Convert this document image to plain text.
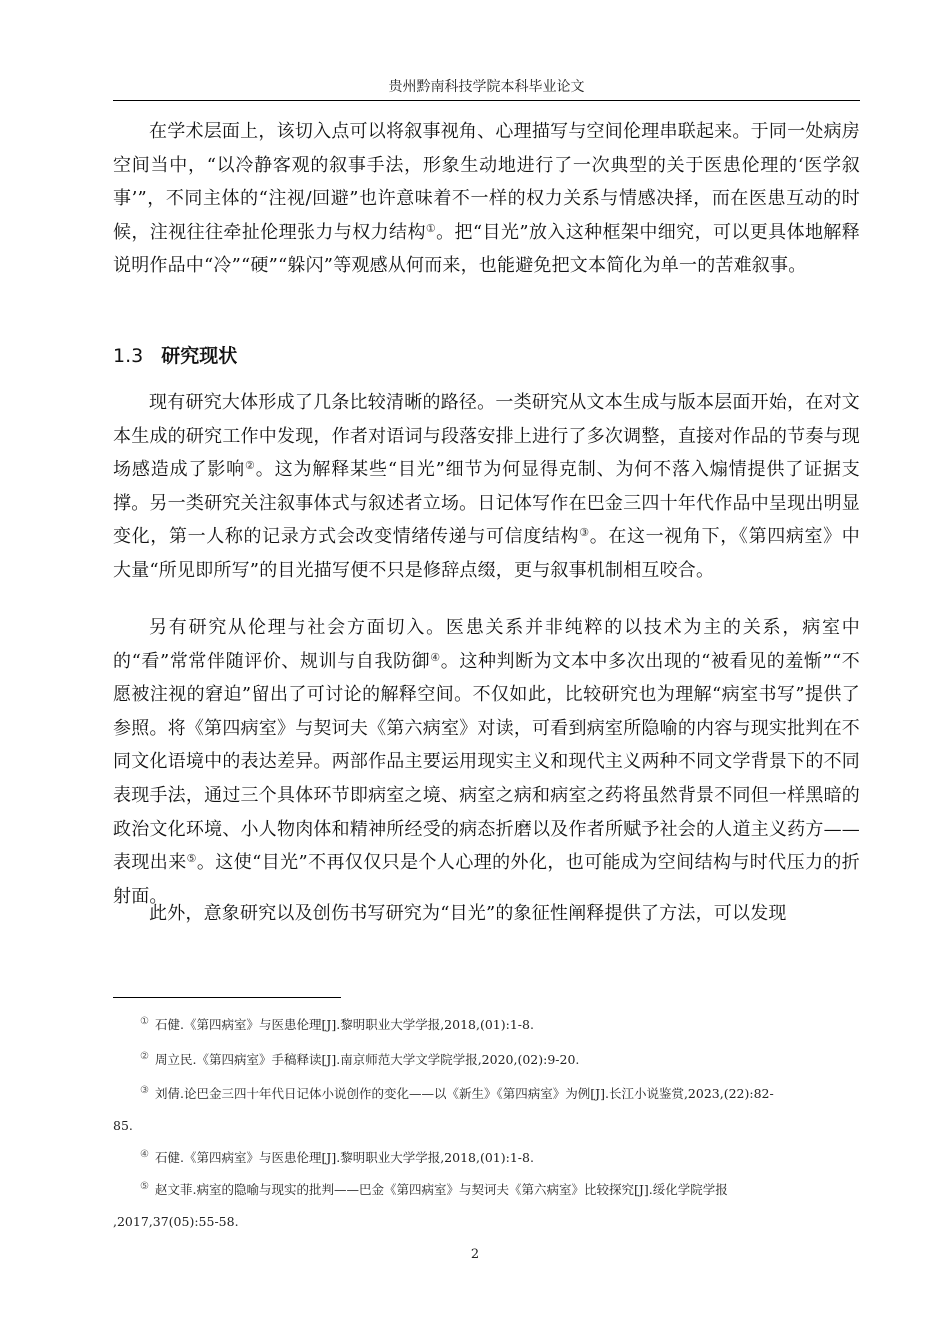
贵州黔南科技学院本科毕业论文

在学术层面上，该切入点可以将叙事视角、心理描写与空间伦理串联起来。于同一处病房空间当中，“以冷静客观的叙事手法，形象生动地进行了一次典型的关于医患伦理的‘医学叙事’”，不同主体的“注视/回避”也许意味着不一样的权力关系与情感决择，而在医患互动的时候，注视往往牵扯伦理张力与权力结构①。把“目光”放入这种框架中细究，可以更具体地解释说明作品中“冷”“硬”“躲闪”等观感从何而来，也能避免把文本简化为单一的苦难叙事。

1.3 研究现状

现有研究大体形成了几条比较清晰的路径。一类研究从文本生成与版本层面开始，在对文本生成的研究工作中发现，作者对语词与段落安排上进行了多次调整，直接对作品的节奏与现场感造成了影响②。这为解释某些“目光”细节为何显得克制、为何不落入煽情提供了证据支撑。另一类研究关注叙事体式与叙述者立场。日记体写作在巴金三四十年代作品中呈现出明显变化，第一人称的记录方式会改变情绪传递与可信度结构③。在这一视角下，《第四病室》中大量“所见即所写”的目光描写便不只是修辞点缀，更与叙事机制相互咬合。

另有研究从伦理与社会方面切入。医患关系并非纯粹的以技术为主的关系，病室中的“看”常常伴随评价、规训与自我防御④。这种判断为文本中多次出现的“被看见的羞惭”“不愿被注视的窘迫”留出了可讨论的解释空间。不仅如此，比较研究也为理解“病室书写”提供了参照。将《第四病室》与契诃夫《第六病室》对读，可看到病室所隐喻的内容与现实批判在不同文化语境中的表达差异。两部作品主要运用现实主义和现代主义两种不同文学背景下的不同表现手法，通过三个具体环节即病室之境、病室之病和病室之药将虽然背景不同但一样黑暗的政治文化环境、小人物肉体和精神所经受的病态折磨以及作者所赋予社会的人道主义药方——表现出来⑤。这使“目光”不再仅仅只是个人心理的外化，也可能成为空间结构与时代压力的折射面。

此外，意象研究以及创伤书写研究为“目光”的象征性阐释提供了方法，可以发现

① 石健.《第四病室》与医患伦理[J].黎明职业大学学报,2018,(01):1-8.
② 周立民.《第四病室》手稿释读[J].南京师范大学文学院学报,2020,(02):9-20.
③ 刘倩.论巴金三四十年代日记体小说创作的变化——以《新生》《第四病室》为例[J].长江小说鉴赏,2023,(22):82-
85.
④ 石健.《第四病室》与医患伦理[J].黎明职业大学学报,2018,(01):1-8.
⑤ 赵文菲.病室的隐喻与现实的批判——巴金《第四病室》与契诃夫《第六病室》比较探究[J].绥化学院学报
,2017,37(05):55-58.
2
